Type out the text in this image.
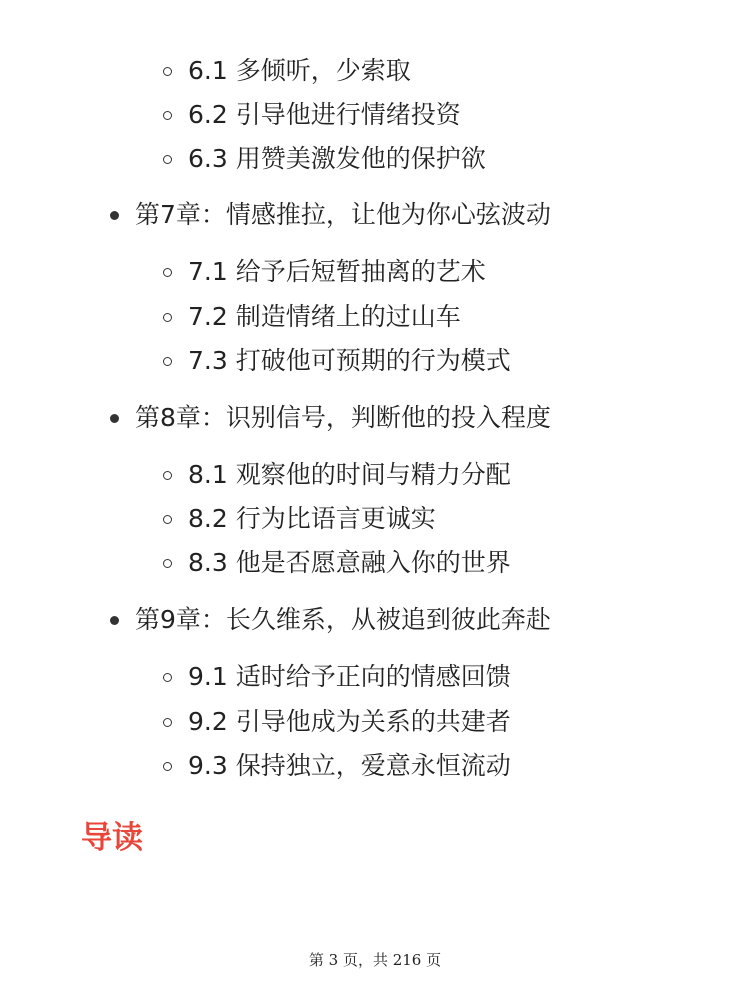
6.1 多倾听，少索取
6.2 引导他进行情绪投资
6.3 用赞美激发他的保护欲
第7章：情感推拉，让他为你心弦波动
7.1 给予后短暂抽离的艺术
7.2 制造情绪上的过山车
7.3 打破他可预期的行为模式
第8章：识别信号，判断他的投入程度
8.1 观察他的时间与精力分配
8.2 行为比语言更诚实
8.3 他是否愿意融入你的世界
第9章：长久维系，从被追到彼此奔赴
9.1 适时给予正向的情感回馈
9.2 引导他成为关系的共建者
9.3 保持独立，爱意永恒流动
导读
第 3 页，共 216 页
